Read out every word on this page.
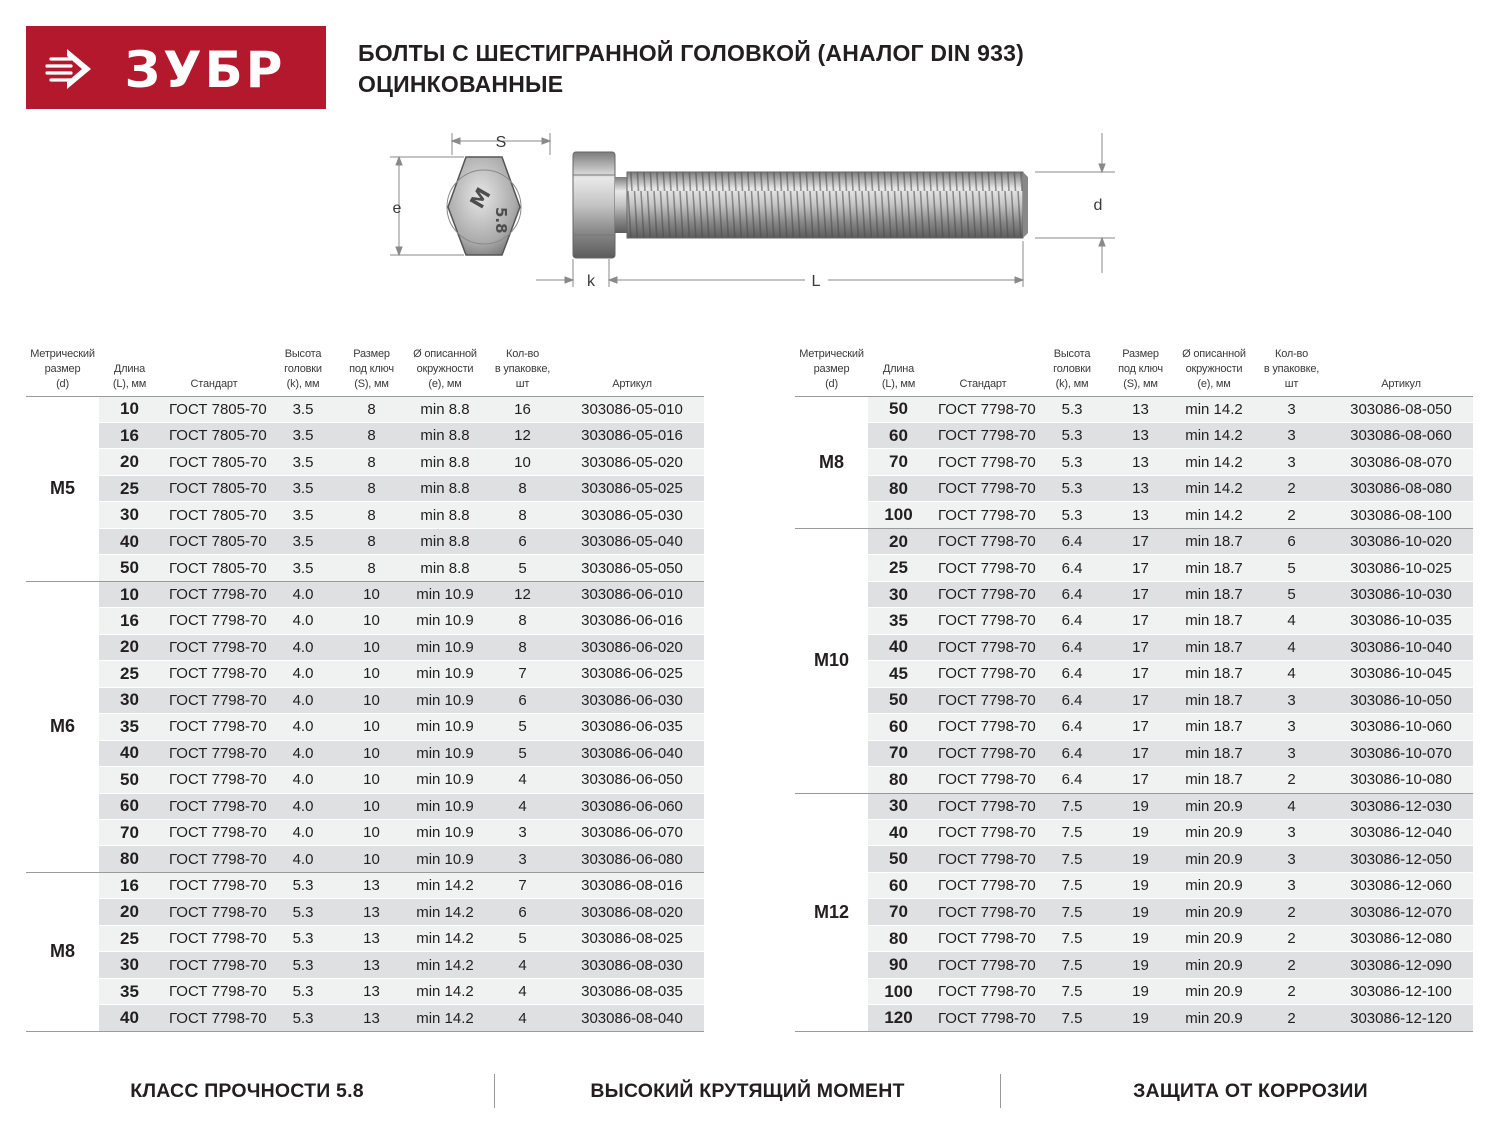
ЗУБР	БОЛТЫ С ШЕСТИГРАННОЙ ГОЛОВКОЙ (АНАЛОГ DIN 933)
ОЦИНКОВАННЫЕ
M
5.8
S
e
k	L
d
Метрический
размер
(d)	Длина
(L), мм	Стандарт	Высота
головки
(k), мм	Размер
под ключ
(S), мм	Ø описанной
окружности
(e), мм	Кол-во
в упаковке,
шт	Артикул
M5	10	ГОСТ 7805-70	3.5	8	min 8.8	16	303086-05-010
	16	ГОСТ 7805-70	3.5	8	min 8.8	12	303086-05-016
	20	ГОСТ 7805-70	3.5	8	min 8.8	10	303086-05-020
	25	ГОСТ 7805-70	3.5	8	min 8.8	8	303086-05-025
	30	ГОСТ 7805-70	3.5	8	min 8.8	8	303086-05-030
	40	ГОСТ 7805-70	3.5	8	min 8.8	6	303086-05-040
	50	ГОСТ 7805-70	3.5	8	min 8.8	5	303086-05-050
M6	10	ГОСТ 7798-70	4.0	10	min 10.9	12	303086-06-010
	16	ГОСТ 7798-70	4.0	10	min 10.9	8	303086-06-016
	20	ГОСТ 7798-70	4.0	10	min 10.9	8	303086-06-020
	25	ГОСТ 7798-70	4.0	10	min 10.9	7	303086-06-025
	30	ГОСТ 7798-70	4.0	10	min 10.9	6	303086-06-030
	35	ГОСТ 7798-70	4.0	10	min 10.9	5	303086-06-035
	40	ГОСТ 7798-70	4.0	10	min 10.9	5	303086-06-040
	50	ГОСТ 7798-70	4.0	10	min 10.9	4	303086-06-050
	60	ГОСТ 7798-70	4.0	10	min 10.9	4	303086-06-060
	70	ГОСТ 7798-70	4.0	10	min 10.9	3	303086-06-070
	80	ГОСТ 7798-70	4.0	10	min 10.9	3	303086-06-080
M8	16	ГОСТ 7798-70	5.3	13	min 14.2	7	303086-08-016
	20	ГОСТ 7798-70	5.3	13	min 14.2	6	303086-08-020
	25	ГОСТ 7798-70	5.3	13	min 14.2	5	303086-08-025
	30	ГОСТ 7798-70	5.3	13	min 14.2	4	303086-08-030
	35	ГОСТ 7798-70	5.3	13	min 14.2	4	303086-08-035
	40	ГОСТ 7798-70	5.3	13	min 14.2	4	303086-08-040
Метрический
размер
(d)	Длина
(L), мм	Стандарт	Высота
головки
(k), мм	Размер
под ключ
(S), мм	Ø описанной
окружности
(e), мм	Кол-во
в упаковке,
шт	Артикул
M8	50	ГОСТ 7798-70	5.3	13	min 14.2	3	303086-08-050
	60	ГОСТ 7798-70	5.3	13	min 14.2	3	303086-08-060
	70	ГОСТ 7798-70	5.3	13	min 14.2	3	303086-08-070
	80	ГОСТ 7798-70	5.3	13	min 14.2	2	303086-08-080
	100	ГОСТ 7798-70	5.3	13	min 14.2	2	303086-08-100
M10	20	ГОСТ 7798-70	6.4	17	min 18.7	6	303086-10-020
	25	ГОСТ 7798-70	6.4	17	min 18.7	5	303086-10-025
	30	ГОСТ 7798-70	6.4	17	min 18.7	5	303086-10-030
	35	ГОСТ 7798-70	6.4	17	min 18.7	4	303086-10-035
	40	ГОСТ 7798-70	6.4	17	min 18.7	4	303086-10-040
	45	ГОСТ 7798-70	6.4	17	min 18.7	4	303086-10-045
	50	ГОСТ 7798-70	6.4	17	min 18.7	3	303086-10-050
	60	ГОСТ 7798-70	6.4	17	min 18.7	3	303086-10-060
	70	ГОСТ 7798-70	6.4	17	min 18.7	3	303086-10-070
	80	ГОСТ 7798-70	6.4	17	min 18.7	2	303086-10-080
M12	30	ГОСТ 7798-70	7.5	19	min 20.9	4	303086-12-030
	40	ГОСТ 7798-70	7.5	19	min 20.9	3	303086-12-040
	50	ГОСТ 7798-70	7.5	19	min 20.9	3	303086-12-050
	60	ГОСТ 7798-70	7.5	19	min 20.9	3	303086-12-060
	70	ГОСТ 7798-70	7.5	19	min 20.9	2	303086-12-070
	80	ГОСТ 7798-70	7.5	19	min 20.9	2	303086-12-080
	90	ГОСТ 7798-70	7.5	19	min 20.9	2	303086-12-090
	100	ГОСТ 7798-70	7.5	19	min 20.9	2	303086-12-100
	120	ГОСТ 7798-70	7.5	19	min 20.9	2	303086-12-120
КЛАСС ПРОЧНОСТИ 5.8	ВЫСОКИЙ КРУТЯЩИЙ МОМЕНТ	ЗАЩИТА ОТ КОРРОЗИИ
